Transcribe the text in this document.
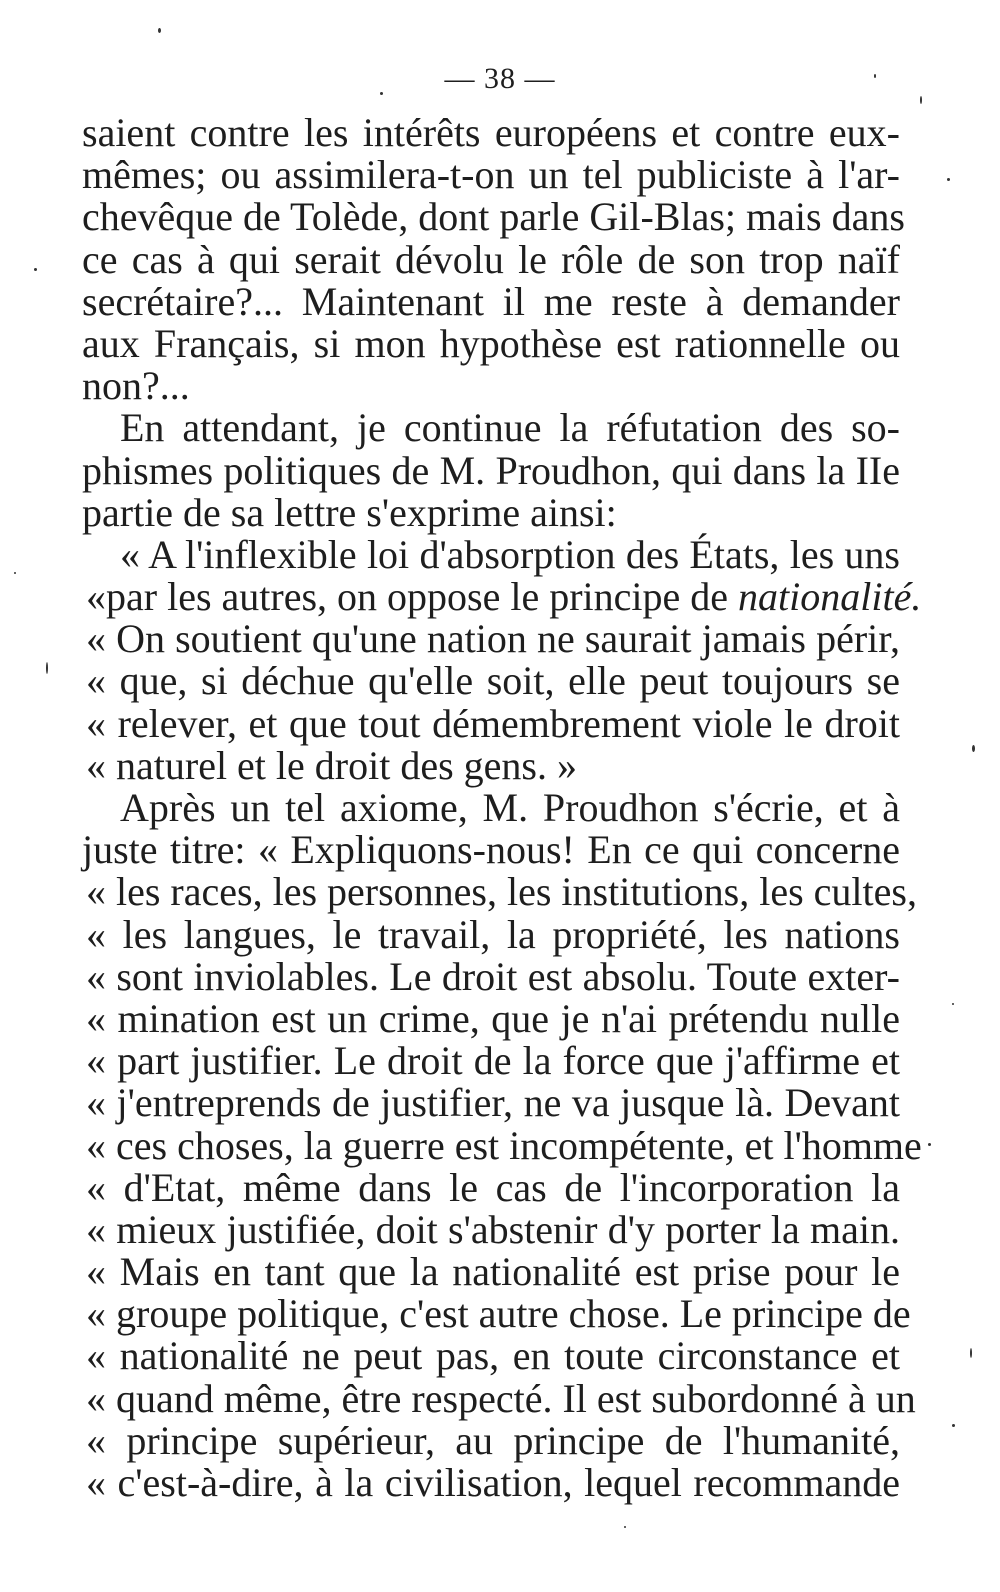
— 38 —
saient contre les intérêts européens et contre eux-
mêmes; ou assimilera-t-on un tel publiciste à l'ar-
chevêque de Tolède, dont parle Gil-Blas; mais dans
ce cas à qui serait dévolu le rôle de son trop naïf
secrétaire?... Maintenant il me reste à demander
aux Français, si mon hypothèse est rationnelle ou
non?...
En attendant, je continue la réfutation des so-
phismes politiques de M. Proudhon, qui dans la IIe
partie de sa lettre s'exprime ainsi:
« A l'inflexible loi d'absorption des États, les uns
«par les autres, on oppose le principe de nationalité.
« On soutient qu'une nation ne saurait jamais périr,
« que, si déchue qu'elle soit, elle peut toujours se
« relever, et que tout démembrement viole le droit
« naturel et le droit des gens. »
Après un tel axiome, M. Proudhon s'écrie, et à
juste titre: « Expliquons-nous! En ce qui concerne
« les races, les personnes, les institutions, les cultes,
« les langues, le travail, la propriété, les nations
« sont inviolables. Le droit est absolu. Toute exter-
« mination est un crime, que je n'ai prétendu nulle
« part justifier. Le droit de la force que j'affirme et
« j'entreprends de justifier, ne va jusque là. Devant
« ces choses, la guerre est incompétente, et l'homme
« d'Etat, même dans le cas de l'incorporation la
« mieux justifiée, doit s'abstenir d'y porter la main.
« Mais en tant que la nationalité est prise pour le
« groupe politique, c'est autre chose. Le principe de
« nationalité ne peut pas, en toute circonstance et
« quand même, être respecté. Il est subordonné à un
« principe supérieur, au principe de l'humanité,
« c'est-à-dire, à la civilisation, lequel recommande
